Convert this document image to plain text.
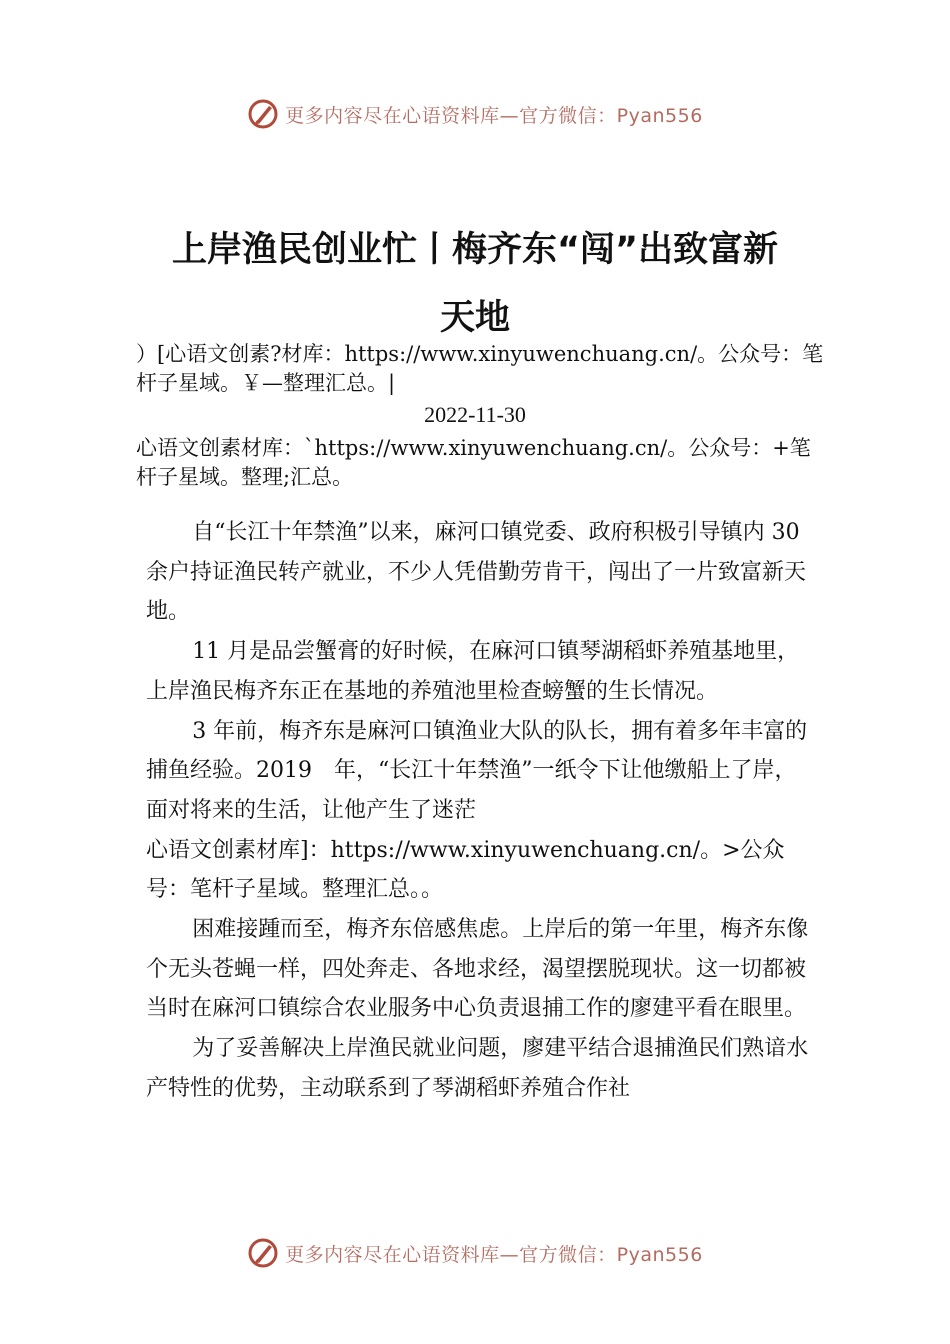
更多内容尽在心语资料库—官方微信：Pyan556
上岸渔民创业忙丨梅齐东“闯”出致富新
天地
）[心语文创素?材库：https://www.xinyuwenchuang.cn/。公众号：笔杆子星域。￥—整理汇总。|
2022-11-30
心语文创素材库：`https://www.xinyuwenchuang.cn/。公众号：+笔杆子星域。整理;汇总。

自“长江十年禁渔”以来，麻河口镇党委、政府积极引导镇内 30 余户持证渔民转产就业，不少人凭借勤劳肯干，闯出了一片致富新天地。

11 月是品尝蟹膏的好时候，在麻河口镇琴湖稻虾养殖基地里，上岸渔民梅齐东正在基地的养殖池里检查螃蟹的生长情况。

3 年前，梅齐东是麻河口镇渔业大队的队长，拥有着多年丰富的捕鱼经验。2019　年，“长江十年禁渔”一纸令下让他缴船上了岸，面对将来的生活，让他产生了迷茫

心语文创素材库]：https://www.xinyuwenchuang.cn/。>公众号：笔杆子星域。整理汇总。。

困难接踵而至，梅齐东倍感焦虑。上岸后的第一年里，梅齐东像个无头苍蝇一样，四处奔走、各地求经，渴望摆脱现状。这一切都被当时在麻河口镇综合农业服务中心负责退捕工作的廖建平看在眼里。

为了妥善解决上岸渔民就业问题，廖建平结合退捕渔民们熟谙水产特性的优势，主动联系到了琴湖稻虾养殖合作社

更多内容尽在心语资料库—官方微信：Pyan556
